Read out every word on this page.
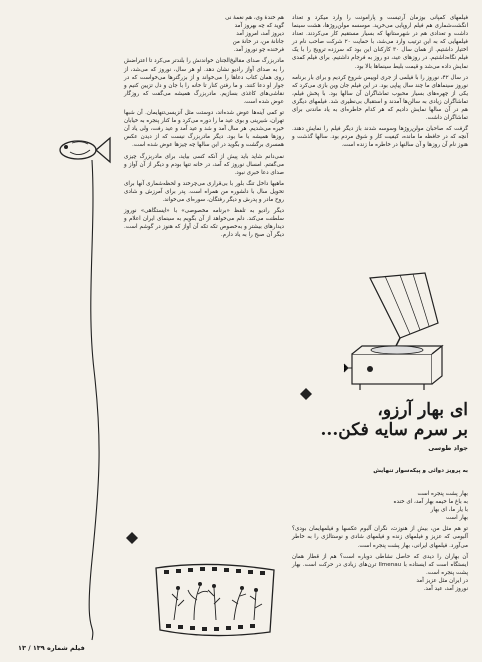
فیلمهای کمپانی بوزمان آرتیست و پارامونت را وارد میکرد و تعداد انگشت‌شماری هم فیلم اروپایی می‌خرید. موسسه مولن‌روژ‌ها، هشت سینما داشت و تعدادی هم در شهرستانها که بسیار مستقیم کار می‌کردند. تعداد فیلمهایی که به این ترتیب وارد می‌شد، با حمایت ۲۰ شرکت صاحب نام در اختیار داشتیم. از همان سال ۳۰ کارکنان این بود که سرزده ترویج را با یک فیلم نگاه‌داشتیم. در روزهای عید، دو روز به فرجام داشتیم. برای فیلم کمدی نمایش داده می‌شد و قیمت بلیط سینماها بالا بود.

در سال ۴۲، نوروز را با فیلمی از جری لوییس شروع کردیم و برای بار برنامه نوروز سینماهای ما چند سال پیاپی بود. در این فیلم جان وین بازی می‌کرد که یکی از چهره‌های بسیار محبوب تماشاگران آن سالها بود. با پخش فیلم، تماشاگران زیادی به سالن‌ها آمدند و استقبال بی‌نظیری شد. فیلمهای دیگری هم در آن سالها نمایش دادیم که هر کدام خاطره‌ای به یاد ماندنی برای تماشاگران داشت.

گرفت که صاحبان مولن‌روژ‌ها وسوسه شدند باز دیگر فیلم را نمایش دهند. آنچه که در حافظه ما مانده، کیفیت کار و شوق مردم بود. سالها گذشت و هنوز نام آن روزها و آن سالنها در خاطره ما زنده است.

هم خندهٔ وی، هم نغمهٔ نی
گوید که چه بهروز آمد
دیروز آمد، امروز آمد
جانانهٔ من، در خانهٔ من
فرخنده چو نوروز آمد.

مادربزرگ صدای مقالیخ‌الجنان خواندنش را بلندتر می‌کرد تا اعتراضش را به صدای آواز رادیو نشان دهد. او هر سال، نوروز که می‌شد، از روی همان کتاب دعاها را می‌خواند و از بزرگترها می‌خواست که در جوار او دعا کنند. و ما رفتن کنار تا خانه را با جان و دل تزیین کنیم و نقاشی‌های کاغذی بسازیم. مادربزرگ همیشه می‌گفت که روزگار عوض شده است.

تو کمی آینه‌ها عوض شده‌اند، دوستت مثل آنزیسی‌تنهایمان. آن شبها تهران، شیرینی و بوی عید ما را دوره می‌کرد و ما کنار پنجره به خیابان خیره می‌شدیم. هر سال آمد و شد و عید آمد و عید رفت، ولی یاد آن روزها همیشه با ما بود. دیگر مادربزرگ نیست که از دیدن عکس همسری برگشت و بگوید در این سالها چه چیزها عوض شده است.

نمی‌دانم شاید باید پیش از آنکه کسی بیاید، برای مادربزرگ چیزی می‌گفتم. امسال نوروز که آمد، در خانه تنها بودم و دیگر از آن آواز و صدای دعا خبری نبود.

ماهیها داخل تنگ بلور با بی‌قراری می‌چرخند و لحظه‌شماری آنها برای تحویل سال با دلشوره من همراه است. پدر برای آمرزش و شادی روح مادر و پدرش و دیگر رفتگان، سوره‌ای می‌خواند.

دیگر رادیو به تلفظ «برنامه مخصوصی» با «ایستگاهی» نوروز سلطنت می‌کند. دلم می‌خواهد از آن بگویم به سینمای ایران اعلام و دیدارهای بیشتر و به‌خصوص تکه تکه آن آواز که هنوز در گوشم است. دیگر آن صبح را به یاد دارم.

ای بهار آرزو،
بر سرم سایه فکن...
جواد طوسی
به پرویز دوائی و پیکه‌سوار تنهایش

بهار پشت پنجره است
به باغ ما خیمه بهار آمد، ای خنده
با یار ما، ای بهار
بهار است

تو هم مثل من، بیش از هنوزت، نگران آلبوم عکسها و فیلمهایمان بودی؟ آلبومی که عزیز و فیلمهای زنده و فیلمهای شادی و نوستالژی را به خاطر می‌آورد. فیلمهای ایرانی، بهار پشت پنجره است.

آن بهاران را دیدی که حاصل نشاطی دوباره است؟ هم از قطار همان ایستگاه است که ایستاده با Ilmenau ترن‌های زیادی در حرکت است. بهار پشت پنجره است.
در ایران مثل عزیز آمد
نوروز آمد، عید آمد.

فیلم شماره ۱۳۹ / ۱۳
